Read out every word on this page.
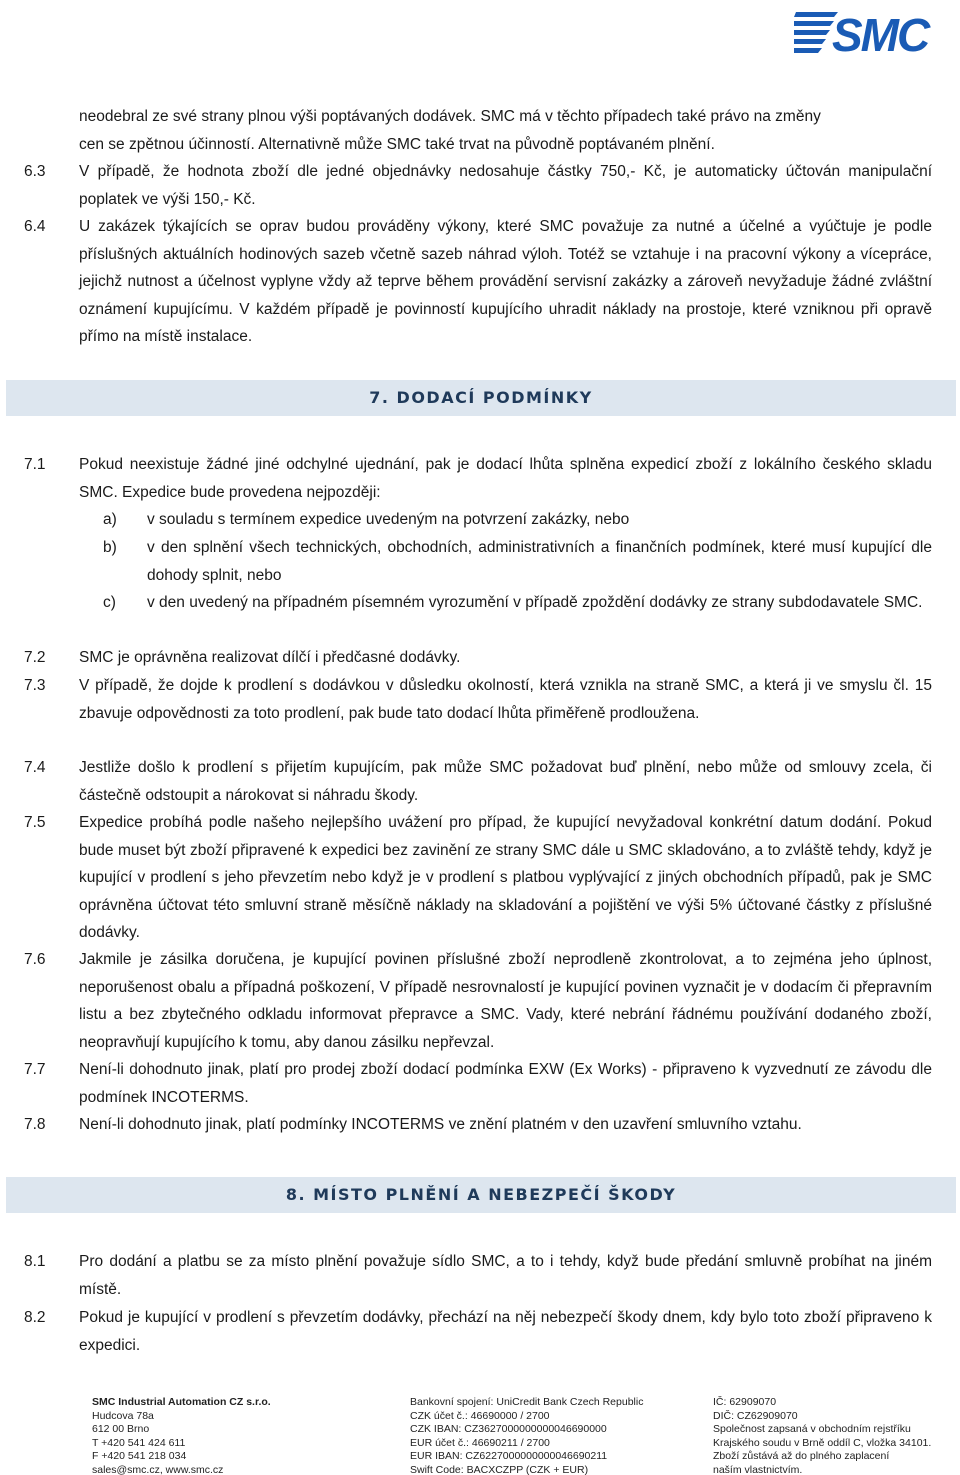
SMC
neodebral ze své strany plnou výši poptávaných dodávek. SMC má v těchto případech také právo na změny
cen se zpětnou účinností. Alternativně může SMC také trvat na původně poptávaném plnění.
6.3	V případě, že hodnota zboží dle jedné objednávky nedosahuje částky 750,- Kč, je automaticky účtován manipulační poplatek ve výši 150,- Kč.
6.4	U zakázek týkajících se oprav budou prováděny výkony, které SMC považuje za nutné a účelné a vyúčtuje je podle příslušných aktuálních hodinových sazeb včetně sazeb náhrad výloh. Totéž se vztahuje i na pracovní výkony a vícepráce, jejichž nutnost a účelnost vyplyne vždy až teprve během provádění servisní zakázky a zároveň nevyžaduje žádné zvláštní oznámení kupujícímu. V každém případě je povinností kupujícího uhradit náklady na prostoje, které vzniknou při opravě přímo na místě instalace.
7. DODACÍ PODMÍNKY
7.1	Pokud neexistuje žádné jiné odchylné ujednání, pak je dodací lhůta splněna expedicí zboží z lokálního českého skladu SMC. Expedice bude provedena nejpozději:
a)	v souladu s termínem expedice uvedeným na potvrzení zakázky, nebo
b)	v den splnění všech technických, obchodních, administrativních a finančních podmínek, které musí kupující dle dohody splnit, nebo
c)	v den uvedený na případném písemném vyrozumění v případě zpoždění dodávky ze strany subdodavatele SMC.
7.2	SMC je oprávněna realizovat dílčí i předčasné dodávky.
7.3	V případě, že dojde k prodlení s dodávkou v důsledku okolností, která vznikla na straně SMC, a která ji ve smyslu čl. 15 zbavuje odpovědnosti za toto prodlení, pak bude tato dodací lhůta přiměřeně prodloužena.
7.4	Jestliže došlo k prodlení s přijetím kupujícím, pak může SMC požadovat buď plnění, nebo může od smlouvy zcela, či částečně odstoupit a nárokovat si náhradu škody.
7.5	Expedice probíhá podle našeho nejlepšího uvážení pro případ, že kupující nevyžadoval konkrétní datum dodání. Pokud bude muset být zboží připravené k expedici bez zavinění ze strany SMC dále u SMC skladováno, a to zvláště tehdy, když je kupující v prodlení s jeho převzetím nebo když je v prodlení s platbou vyplývající z jiných obchodních případů, pak je SMC oprávněna účtovat této smluvní straně měsíčně náklady na skladování a pojištění ve výši 5% účtované částky z příslušné dodávky.
7.6	Jakmile je zásilka doručena, je kupující povinen příslušné zboží neprodleně zkontrolovat, a to zejména jeho úplnost, neporušenost obalu a případná poškození, V případě nesrovnalostí je kupující povinen vyznačit je v dodacím či přepravním listu a bez zbytečného odkladu informovat přepravce a SMC. Vady, které nebrání řádnému používání dodaného zboží, neopravňují kupujícího k tomu, aby danou zásilku nepřevzal.
7.7	Není-li dohodnuto jinak, platí pro prodej zboží dodací podmínka EXW (Ex Works) - připraveno k vyzvednutí ze závodu dle podmínek INCOTERMS.
7.8	Není-li dohodnuto jinak, platí podmínky INCOTERMS ve znění platném v den uzavření smluvního vztahu.
8. MÍSTO PLNĚNÍ A NEBEZPEČÍ ŠKODY
8.1	Pro dodání a platbu se za místo plnění považuje sídlo SMC, a to i tehdy, když bude předání smluvně probíhat na jiném místě.
8.2	Pokud je kupující v prodlení s převzetím dodávky, přechází na něj nebezpečí škody dnem, kdy bylo toto zboží připraveno k expedici.
SMC Industrial Automation CZ s.r.o.
Hudcova 78a
612 00 Brno
T +420 541 424 611
F +420 541 218 034
sales@smc.cz, www.smc.cz
Bankovní spojení: UniCredit Bank Czech Republic
CZK účet č.: 46690000 / 2700
CZK IBAN: CZ3627000000000046690000
EUR účet č.: 46690211 / 2700
EUR IBAN: CZ6227000000000046690211
Swift Code: BACXCZPP (CZK + EUR)
IČ: 62909070
DIČ: CZ62909070
Společnost zapsaná v obchodním rejstříku
Krajského soudu v Brně oddíl C, vložka 34101.
Zboží zůstává až do plného zaplacení
naším vlastnictvím.
